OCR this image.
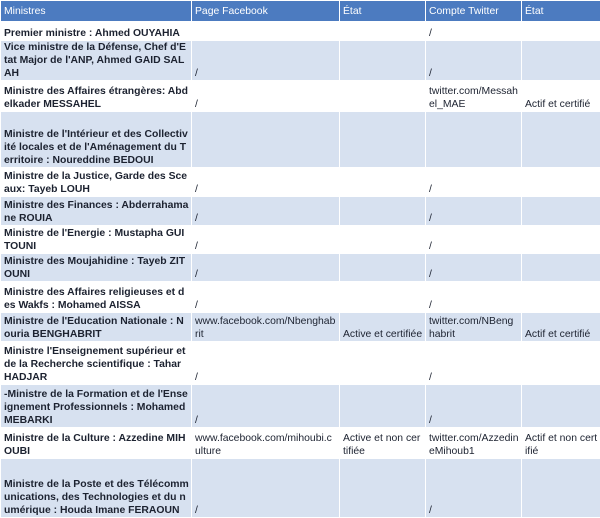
Ministres	Page Facebook	État	Compte Twitter	État
Premier ministre : Ahmed OUYAHIA			/	
Vice ministre de la Défense, Chef d'Etat Major de l'ANP, Ahmed GAID SALAH	/		/	
Ministre des Affaires étrangères: Abdelkader MESSAHEL	/		twitter.com/Messahel_MAE	Actif et certifié
Ministre de l'Intérieur et des Collectivité locales et de l'Aménagement du Territoire : Noureddine BEDOUI				
Ministre de la Justice, Garde des Sceaux: Tayeb LOUH	/		/	
Ministre des Finances : Abderrahamane ROUIA	/		/	
Ministre de l'Energie : Mustapha GUITOUNI	/		/	
Ministre des Moujahidine : Tayeb ZITOUNI	/		/	
Ministre des Affaires religieuses et des Wakfs : Mohamed AISSA	/		/	
Ministre de l'Education Nationale : Nouria BENGHABRIT	www.facebook.com/Nbenghabrit	Active et certifiée	twitter.com/NBenghabrit	Actif et certifié
Ministre l'Enseignement supérieur et de la Recherche scientifique : Tahar HADJAR	/		/	
-Ministre de la Formation et de l'Enseignement Professionnels : Mohamed MEBARKI	/		/	
Ministre de la Culture : Azzedine MIHOUBI	www.facebook.com/mihoubi.culture	Active et non certifiée	twitter.com/AzzedineMihoub1	Actif et non certifié
Ministre de la Poste et des Télécommunications, des Technologies et du numérique : Houda Imane FERAOUN	/		/	
